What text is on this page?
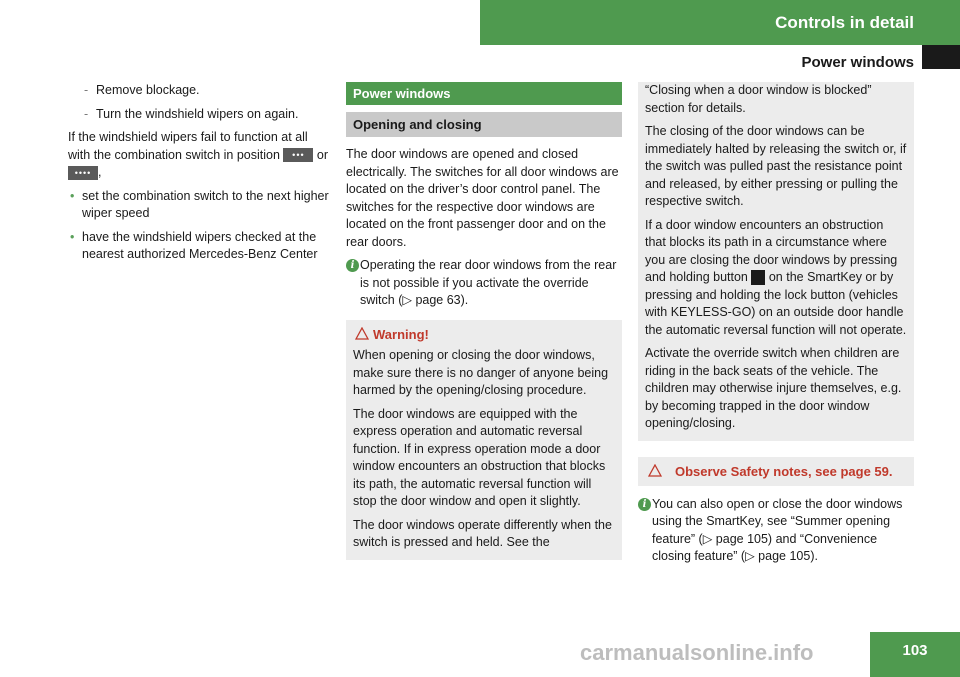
Controls in detail
Power windows
- Remove blockage.
- Turn the windshield wipers on again.

If the windshield wipers fail to function at all with the combination switch in position ••• or •••• ,

• set the combination switch to the next higher wiper speed
• have the windshield wipers checked at the nearest authorized Mercedes-Benz Center
Power windows
Opening and closing

The door windows are opened and closed electrically. The switches for all door windows are located on the driver’s door control panel. The switches for the respective door windows are located on the front passenger door and on the rear doors.

i Operating the rear door windows from the rear is not possible if you activate the override switch (▷ page 63).
Warning!

When opening or closing the door windows, make sure there is no danger of anyone being harmed by the opening/closing procedure.

The door windows are equipped with the express operation and automatic reversal function. If in express operation mode a door window encounters an obstruction that blocks its path, the automatic reversal function will stop the door window and open it slightly.

The door windows operate differently when the switch is pressed and held. See the

“Closing when a door window is blocked” section for details.

The closing of the door windows can be immediately halted by releasing the switch or, if the switch was pulled past the resistance point and released, by either pressing or pulling the respective switch.

If a door window encounters an obstruction that blocks its path in a circumstance where you are closing the door windows by pressing and holding button on the SmartKey or by pressing and holding the lock button (vehicles with KEYLESS-GO) on an outside door handle the automatic reversal function will not operate.

Activate the override switch when children are riding in the back seats of the vehicle. The children may otherwise injure themselves, e.g. by becoming trapped in the door window opening/closing.

Observe Safety notes, see page 59.
i You can also open or close the door windows using the SmartKey, see “Summer opening feature” (▷ page 105) and “Convenience closing feature” (▷ page 105).
carmanualsonline.info	103
